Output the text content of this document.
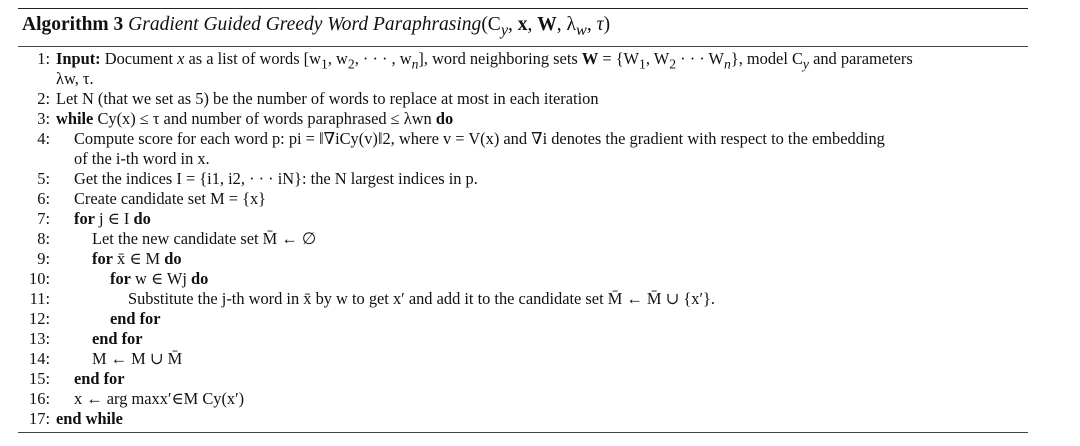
Algorithm 3 Gradient Guided Greedy Word $Paraphrasing(C_y$, x, W, $\lambda_w$, τ)
1: Input: Document x as a list of words [$w_1$, $w_2$, · · · , $w_n$], word neighboring sets $W = \{W_1$, $W_2$ · · · $W_n$}, model $C_y$ and parameters
λw, τ.
2: Let N (that we set as 5) be the number of words to replace at most in each iteration
3: while Cy(x) ≤ τ and number of words paraphrased ≤ λwn do
4:	Compute score for each word p: pi = ‖∇iCy(v)‖2, where v = V(x) and ∇i denotes the gradient with respect to the embedding
of the i-th word in x.
5:	Get the indices I = {i1, i2, · · · iN}: the N largest indices in p.
6:	Create candidate set M = {x}
7:	for j ∈ I do
8:	Let the new candidate set M̄ ← ∅
9:	for x̄ ∈ M do
10:	for w ∈ Wj do
11:	Substitute the j-th word in x̄ by w to get x′ and add it to the candidate set M̄ ← M̄ ∪ {x′}.
12:	end for
13:	end for
14:	M ← M ∪ M̄
15:	end for
16:	x ← arg maxx′∈M Cy(x′)
17: end while
